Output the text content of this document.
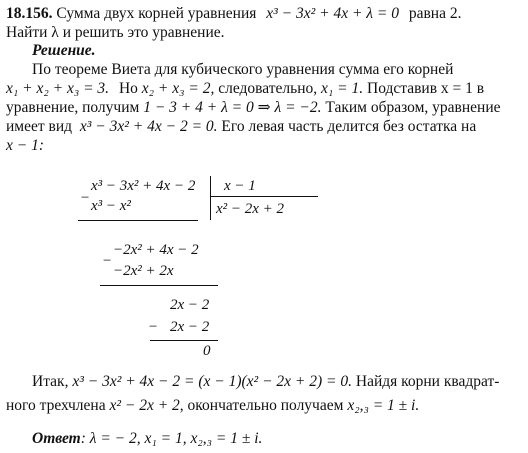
18.156. Сумма двух корней уравнения x³ − 3x² + 4x + λ = 0 равна 2.
Найти λ и решить это уравнение.
Решение.
По теореме Виета для кубического уравнения сумма его корней
x₁ + x₂ + x₃ = 3. Но x₂ + x₃ = 2, следовательно, x₁ = 1. Подставив x = 1 в
уравнение, получим 1 − 3 + 4 + λ = 0 ⇒ λ = −2. Таким образом, уравнение
имеет вид x³ − 3x² + 4x − 2 = 0. Его левая часть делится без остатка на
x − 1:
−
x³ − 3x² + 4x − 2
x³ − x²
x − 1
x² − 2x + 2
−
−2x² + 4x − 2
−2x² + 2x
−
2x − 2
2x − 2
0
Итак, x³ − 3x² + 4x − 2 = (x − 1)(x² − 2x + 2) = 0. Найдя корни квадрат-
ного трехчлена x² − 2x + 2, окончательно получаем x₂,₃ = 1 ± i.
Ответ: λ = − 2, x₁ = 1, x₂,₃ = 1 ± i.
